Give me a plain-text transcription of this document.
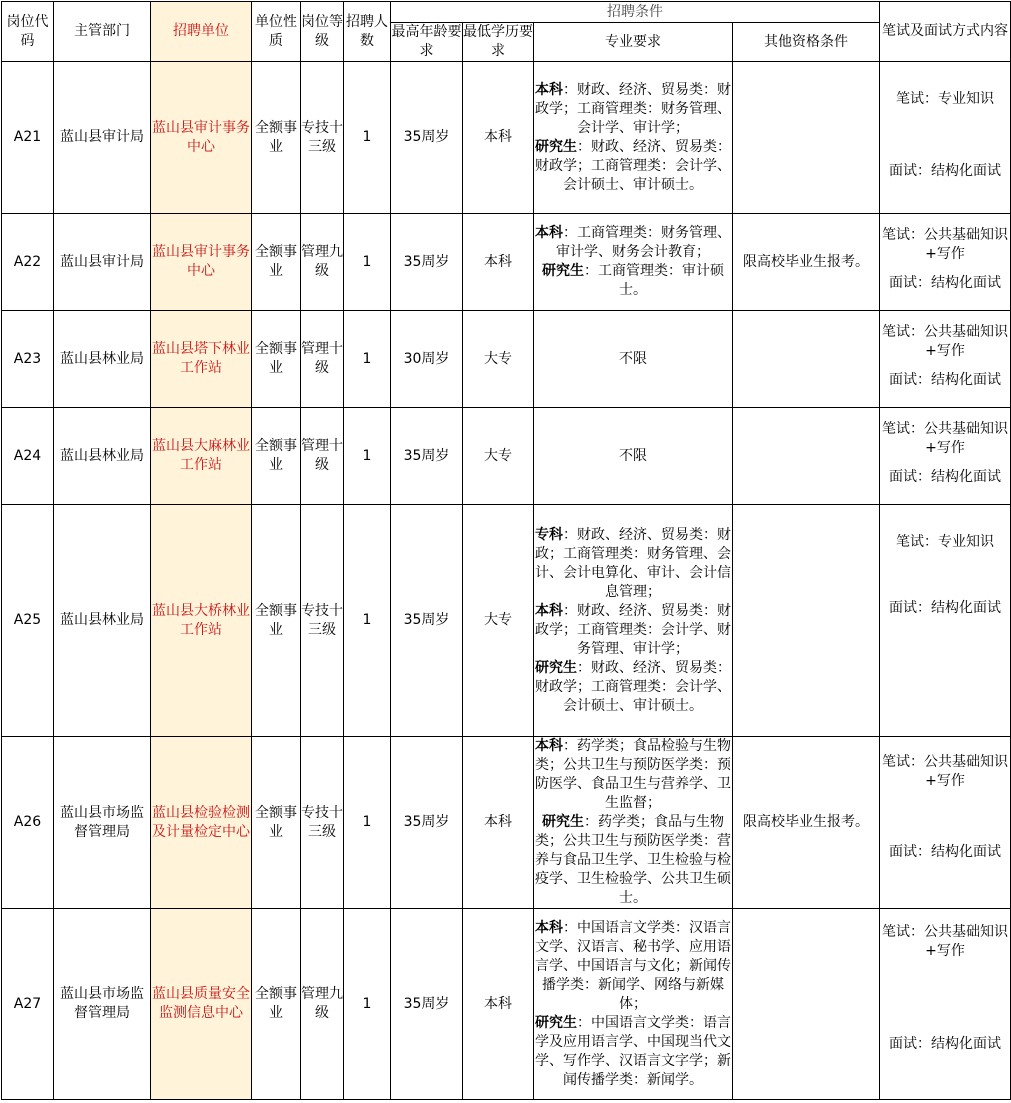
岗位代码	主管部门	招聘单位	单位性质	岗位等级	招聘人数	招聘条件				笔试及面试方式内容
						最高年龄要求	最低学历要求	专业要求	其他资格条件	
A21	蓝山县审计局	蓝山县审计事务中心	全额事业	专技十三级	1	35周岁	本科	本科：财政、经济、贸易类：财政学；工商管理类：财务管理、会计学、审计学；
研究生：财政、经济、贸易类：财政学；工商管理类：会计学、会计硕士、审计硕士。		笔试：专业知识
面试：结构化面试

A22	蓝山县审计局	蓝山县审计事务中心	全额事业	管理九级	1	35周岁	本科	本科：工商管理类：财务管理、审计学、财务会计教育；
研究生：工商管理类：审计硕士。	限高校毕业生报考。	笔试：公共基础知识+写作
面试：结构化面试

A23	蓝山县林业局	蓝山县塔下林业工作站	全额事业	管理十级	1	30周岁	大专	不限		笔试：公共基础知识+写作
面试：结构化面试

A24	蓝山县林业局	蓝山县大麻林业工作站	全额事业	管理十级	1	35周岁	大专	不限		笔试：公共基础知识+写作
面试：结构化面试

A25	蓝山县林业局	蓝山县大桥林业工作站	全额事业	专技十三级	1	35周岁	大专	专科：财政、经济、贸易类：财政；工商管理类：财务管理、会计、会计电算化、审计、会计信息管理；
本科：财政、经济、贸易类：财政学；工商管理类：会计学、财务管理、审计学；
研究生：财政、经济、贸易类：财政学；工商管理类：会计学、会计硕士、审计硕士。		笔试：专业知识
面试：结构化面试

A26	蓝山县市场监督管理局	蓝山县检验检测及计量检定中心	全额事业	专技十三级	1	35周岁	本科	本科：药学类；食品检验与生物类；公共卫生与预防医学类：预防医学、食品卫生与营养学、卫生监督；
研究生：药学类；食品与生物类；公共卫生与预防医学类：营养与食品卫生学、卫生检验与检疫学、卫生检验学、公共卫生硕士。	限高校毕业生报考。	笔试：公共基础知识+写作
面试：结构化面试

A27	蓝山县市场监督管理局	蓝山县质量安全监测信息中心	全额事业	管理九级	1	35周岁	本科	本科：中国语言文学类：汉语言文学、汉语言、秘书学、应用语言学、中国语言与文化；新闻传播学类：新闻学、网络与新媒体；
研究生：中国语言文学类：语言学及应用语言学、中国现当代文学、写作学、汉语言文字学；新闻传播学类：新闻学。		笔试：公共基础知识+写作
面试：结构化面试
